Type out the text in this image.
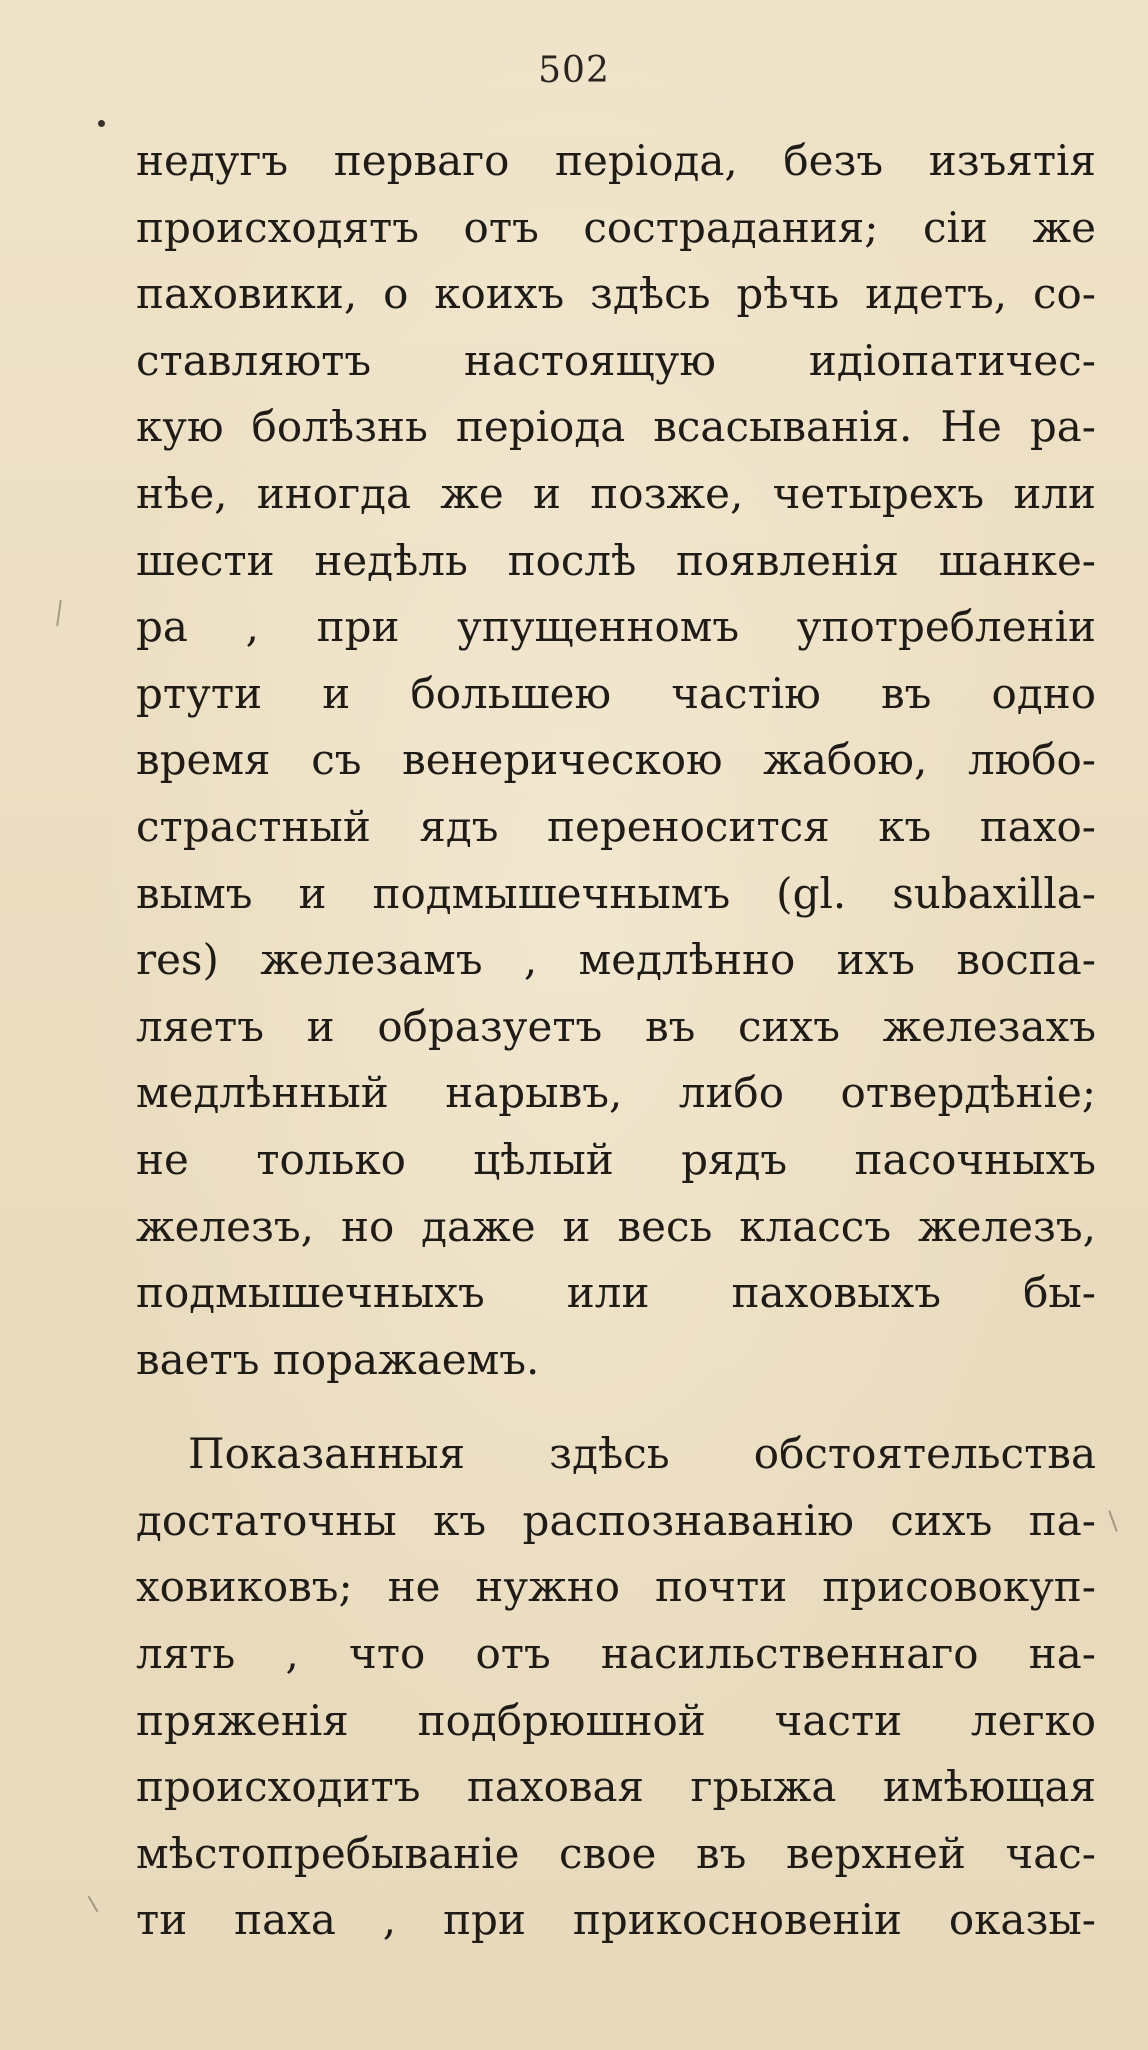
502
недугъ перваго періода, безъ изъятія
происходятъ отъ сострадания; сіи же
паховики, о коихъ здѣсь рѣчь идетъ, со-
ставляютъ настоящую идіопатичес-
кую болѣзнь періода всасыванія. Не ра-
нѣе, иногда же и позже, четырехъ или
шести недѣль послѣ появленія шанке-
ра , при упущенномъ употребленіи
ртути и большею частію въ одно
время съ венерическою жабою, любо-
страстный ядъ переносится къ пахо-
вымъ и подмышечнымъ (gl. subaxilla-
res) железамъ , медлѣнно ихъ воспа-
ляетъ и образуетъ въ сихъ железахъ
медлѣнный нарывъ, либо отвердѣніе;
не только цѣлый рядъ пасочныхъ
железъ, но даже и весь классъ железъ,
подмышечныхъ или паховыхъ бы-
ваетъ поражаемъ.
Показанныя здѣсь обстоятельства
достаточны къ распознаванію сихъ па-
ховиковъ; не нужно почти присовокуп-
лять , что отъ насильственнаго на-
пряженія подбрюшной части легко
происходитъ паховая грыжа имѣющая
мѣстопребываніе свое въ верхней час-
ти паха , при прикосновеніи оказы-
